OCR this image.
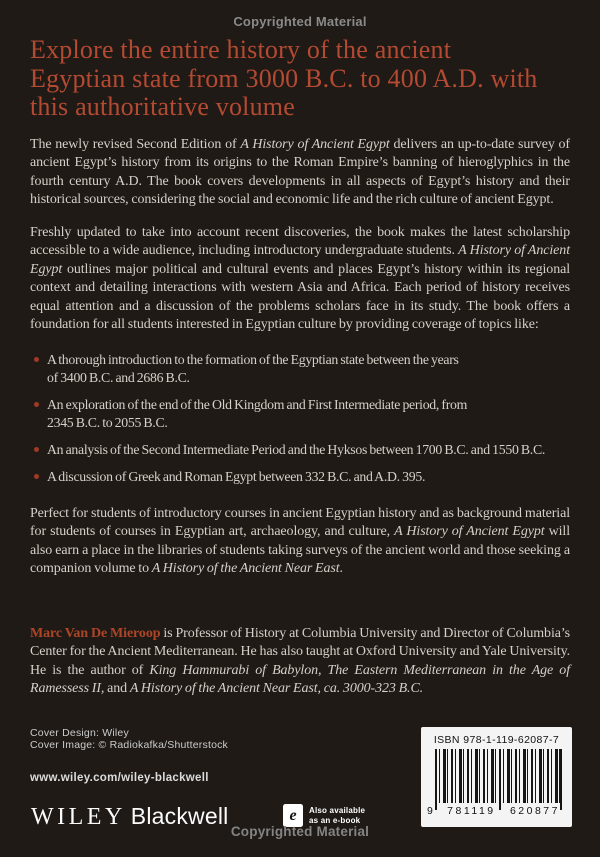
Copyrighted Material
Explore the entire history of the ancient
Egyptian state from 3000 B.C. to 400 A.D. with
this authoritative volume

The newly revised Second Edition of A History of Ancient Egypt delivers an up-to-date survey of ancient Egypt’s history from its origins to the Roman Empire’s banning of hieroglyphics in the fourth century A.D. The book covers developments in all aspects of Egypt’s history and their historical sources, considering the social and economic life and the rich culture of ancient Egypt.

Freshly updated to take into account recent discoveries, the book makes the latest scholarship accessible to a wide audience, including introductory undergraduate students. A History of Ancient Egypt outlines major political and cultural events and places Egypt’s history within its regional context and detailing interactions with western Asia and Africa. Each period of history receives equal attention and a discussion of the problems scholars face in its study. The book offers a foundation for all students interested in Egyptian culture by providing coverage of topics like:

A thorough introduction to the formation of the Egyptian state between the years
of 3400 B.C. and 2686 B.C.
An exploration of the end of the Old Kingdom and First Intermediate period, from
2345 B.C. to 2055 B.C.
An analysis of the Second Intermediate Period and the Hyksos between 1700 B.C. and 1550 B.C.
A discussion of Greek and Roman Egypt between 332 B.C. and A.D. 395.

Perfect for students of introductory courses in ancient Egyptian history and as background material for students of courses in Egyptian art, archaeology, and culture, A History of Ancient Egypt will also earn a place in the libraries of students taking surveys of the ancient world and those seeking a companion volume to A History of the Ancient Near East.

Marc Van De Mieroop is Professor of History at Columbia University and Director of Columbia’s Center for the Ancient Mediterranean. He has also taught at Oxford University and Yale University. He is the author of King Hammurabi of Babylon, The Eastern Mediterranean in the Age of Ramessess II, and A History of the Ancient Near East, ca. 3000-323 B.C.

Cover Design: Wiley
Cover Image: © Radiokafka/Shutterstock
www.wiley.com/wiley-blackwell
WILEY Blackwell	e	Also available
as an e-book
Copyrighted Material
ISBN 978-1-119-62087-7
9 781119 620877
